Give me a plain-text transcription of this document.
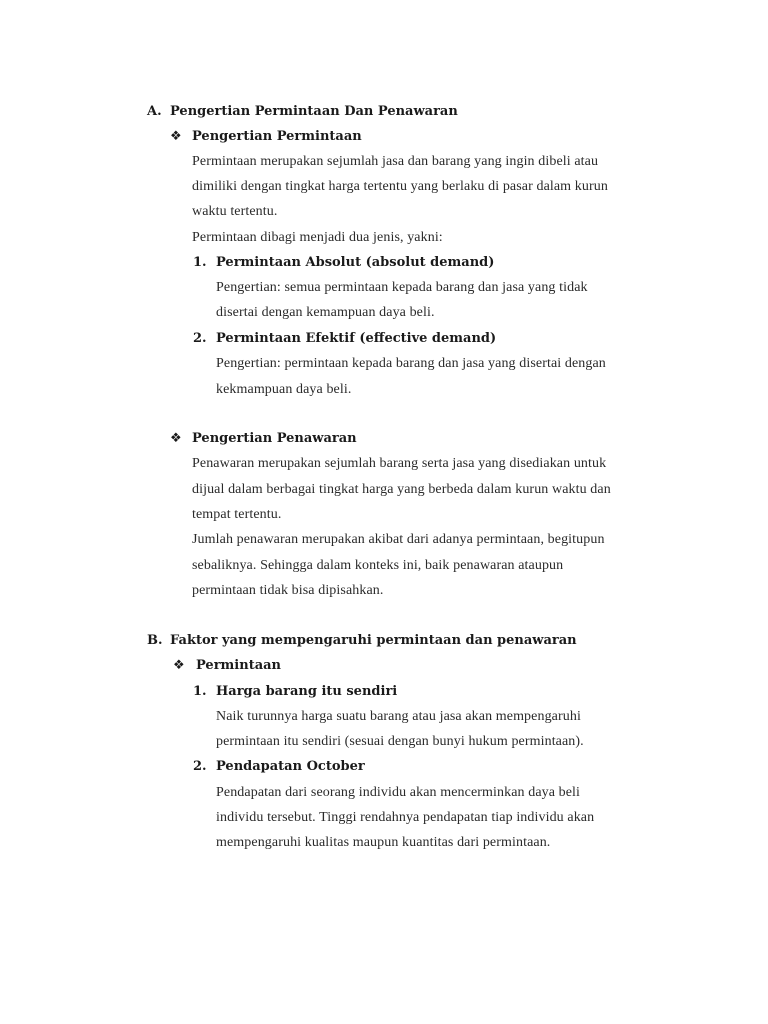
A. Pengertian Permintaan Dan Penawaran
❖ Pengertian Permintaan
Permintaan merupakan sejumlah jasa dan barang yang ingin dibeli atau
dimiliki dengan tingkat harga tertentu yang berlaku di pasar dalam kurun
waktu tertentu.
Permintaan dibagi menjadi dua jenis, yakni:
1. Permintaan Absolut (absolut demand)
Pengertian: semua permintaan kepada barang dan jasa yang tidak
disertai dengan kemampuan daya beli.
2. Permintaan Efektif (effective demand)
Pengertian: permintaan kepada barang dan jasa yang disertai dengan
kekmampuan daya beli.
❖ Pengertian Penawaran
Penawaran merupakan sejumlah barang serta jasa yang disediakan untuk
dijual dalam berbagai tingkat harga yang berbeda dalam kurun waktu dan
tempat tertentu.
Jumlah penawaran merupakan akibat dari adanya permintaan, begitupun
sebaliknya. Sehingga dalam konteks ini, baik penawaran ataupun
permintaan tidak bisa dipisahkan.
B. Faktor yang mempengaruhi permintaan dan penawaran
❖ Permintaan
1. Harga barang itu sendiri
Naik turunnya harga suatu barang atau jasa akan mempengaruhi
permintaan itu sendiri (sesuai dengan bunyi hukum permintaan).
2. Pendapatan October
Pendapatan dari seorang individu akan mencerminkan daya beli
individu tersebut. Tinggi rendahnya pendapatan tiap individu akan
mempengaruhi kualitas maupun kuantitas dari permintaan.
